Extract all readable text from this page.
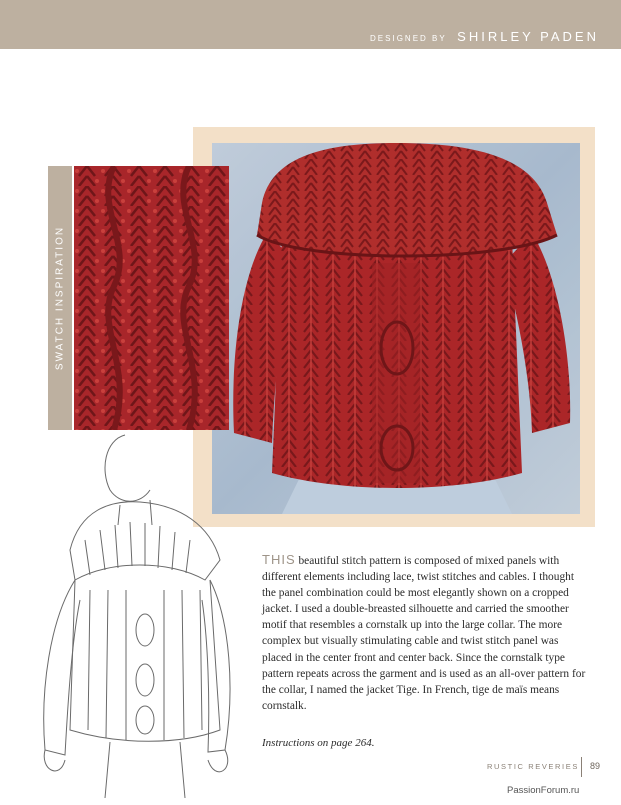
DESIGNED BY SHIRLEY PADEN
SWATCH INSPIRATION
THIS beautiful stitch pattern is composed of mixed panels with different elements including lace, twist stitches and cables. I thought the panel combination could be most elegantly shown on a cropped jacket. I used a double-breasted silhouette and carried the smoother motif that resembles a cornstalk up into the large collar. The more complex but visually stimulating cable and twist stitch panel was placed in the center front and center back. Since the cornstalk type pattern repeats across the garment and is used as an all-over pattern for the collar, I named the jacket Tige. In French, tige de maïs means cornstalk.
Instructions on page 264.
RUSTIC REVERIES 89
PassionForum.ru
